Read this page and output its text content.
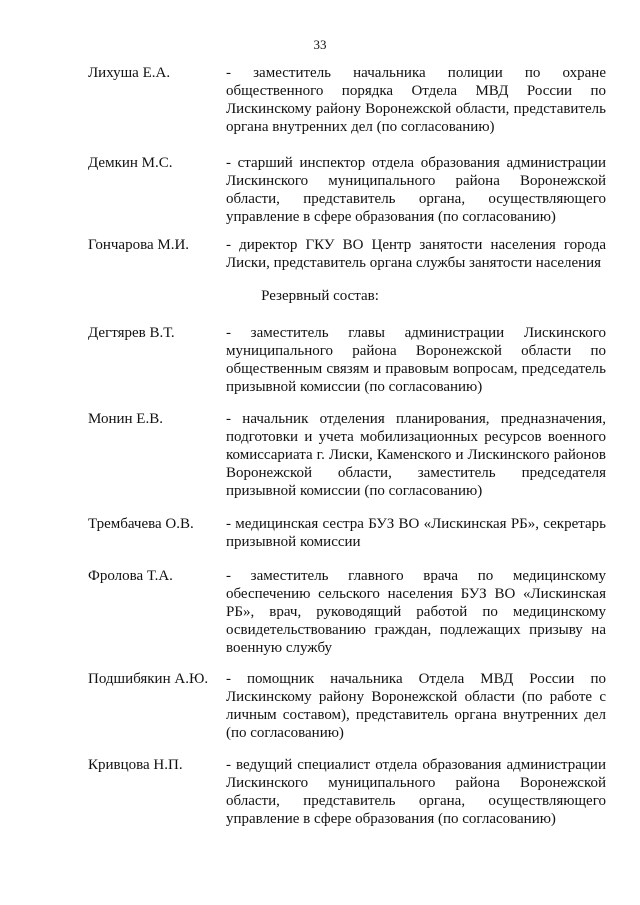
33
Лихуша Е.А.	- заместитель начальника полиции по охране общественного порядка Отдела МВД России по Лискинскому району Воронежской области, представитель органа внутренних дел (по согласованию)
Демкин М.С.	- старший инспектор отдела образования администрации Лискинского муниципального района Воронежской области, представитель органа, осуществляющего управление в сфере образования (по согласованию)
Гончарова М.И. - директор ГКУ ВО Центр занятости населения города Лиски, представитель органа службы занятости населения
Резервный состав:
Дегтярев В.Т.	- заместитель главы администрации Лискинского муниципального района Воронежской области по общественным связям и правовым вопросам, председатель призывной комиссии (по согласованию)
Монин Е.В.	- начальник отделения планирования, предназначения, подготовки и учета мобилизационных ресурсов военного комиссариата г. Лиски, Каменского и Лискинского районов Воронежской области, заместитель председателя призывной комиссии (по согласованию)
Трембачева О.В. - медицинская сестра БУЗ ВО «Лискинская РБ», секретарь призывной комиссии
Фролова Т.А.	- заместитель главного врача по медицинскому обеспечению сельского населения БУЗ ВО «Лискинская РБ», врач, руководящий работой по медицинскому освидетельствованию граждан, подлежащих призыву на военную службу
Подшибякин А.Ю. - помощник начальника Отдела МВД России по Лискинскому району Воронежской области (по работе с личным составом), представитель органа внутренних дел (по согласованию)
Кривцова Н.П.	- ведущий специалист отдела образования администрации Лискинского муниципального района Воронежской области, представитель органа, осуществляющего управление в сфере образования (по согласованию)
